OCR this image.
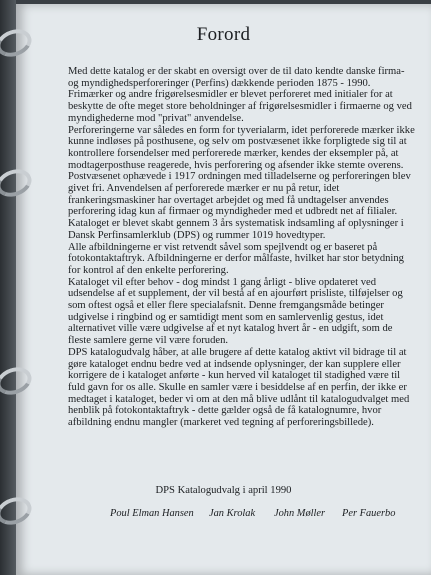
Forord

Med dette katalog er der skabt en oversigt over de til dato kendte danske firma- og myndighedsperforeringer (Perfins) dækkende perioden 1875 - 1990.

Frimærker og andre frigørelsesmidler er blevet perforeret med initialer for at beskytte de ofte meget store beholdninger af frigørelsesmidler i firmaerne og ved myndighederne mod "privat" anvendelse.

Perforeringerne var således en form for tyverialarm, idet perforerede mærker ikke kunne indløses på posthusene, og selv om postvæsenet ikke forpligtede sig til at kontrollere forsendelser med perforerede mærker, kendes der eksempler på, at modtagerposthuse reagerede, hvis perforering og afsender ikke stemte overens. Postvæsenet ophævede i 1917 ordningen med tilladelserne og perforeringen blev givet fri. Anvendelsen af perforerede mærker er nu på retur, idet frankeringsmaskiner har overtaget arbejdet og med få undtagelser anvendes perforering idag kun af firmaer og myndigheder med et udbredt net af filialer.

Kataloget er blevet skabt gennem 3 års systematisk indsamling af oplysninger i Dansk Perfinsamlerklub (DPS) og rummer 1019 hovedtyper.

Alle afbildningerne er vist retvendt såvel som spejlvendt og er baseret på fotokontaktaftryk. Afbildningerne er derfor målfaste, hvilket har stor betydning for kontrol af den enkelte perforering.

Kataloget vil efter behov - dog mindst 1 gang årligt - blive opdateret ved udsendelse af et supplement, der vil bestå af en ajourført prisliste, tilføjelser og som oftest også et eller flere specialafsnit. Denne fremgangsmåde betinger udgivelse i ringbind og er samtidigt ment som en samlervenlig gestus, idet alternativet ville være udgivelse af et nyt katalog hvert år - en udgift, som de fleste samlere gerne vil være foruden.

DPS katalogudvalg håber, at alle brugere af dette katalog aktivt vil bidrage til at gøre kataloget endnu bedre ved at indsende oplysninger, der kan supplere eller korrigere de i kataloget anførte - kun herved vil kataloget til stadighed være til fuld gavn for os alle. Skulle en samler være i besiddelse af en perfin, der ikke er medtaget i kataloget, beder vi om at den må blive udlånt til katalogudvalget med henblik på fotokontaktaftryk - dette gælder også de få katalognumre, hvor afbildning endnu mangler (markeret ved tegning af perforeringsbillede).

DPS Katalogudvalg i april 1990
Poul Elman Hansen Jan Krolak John Møller Per Fauerbo
